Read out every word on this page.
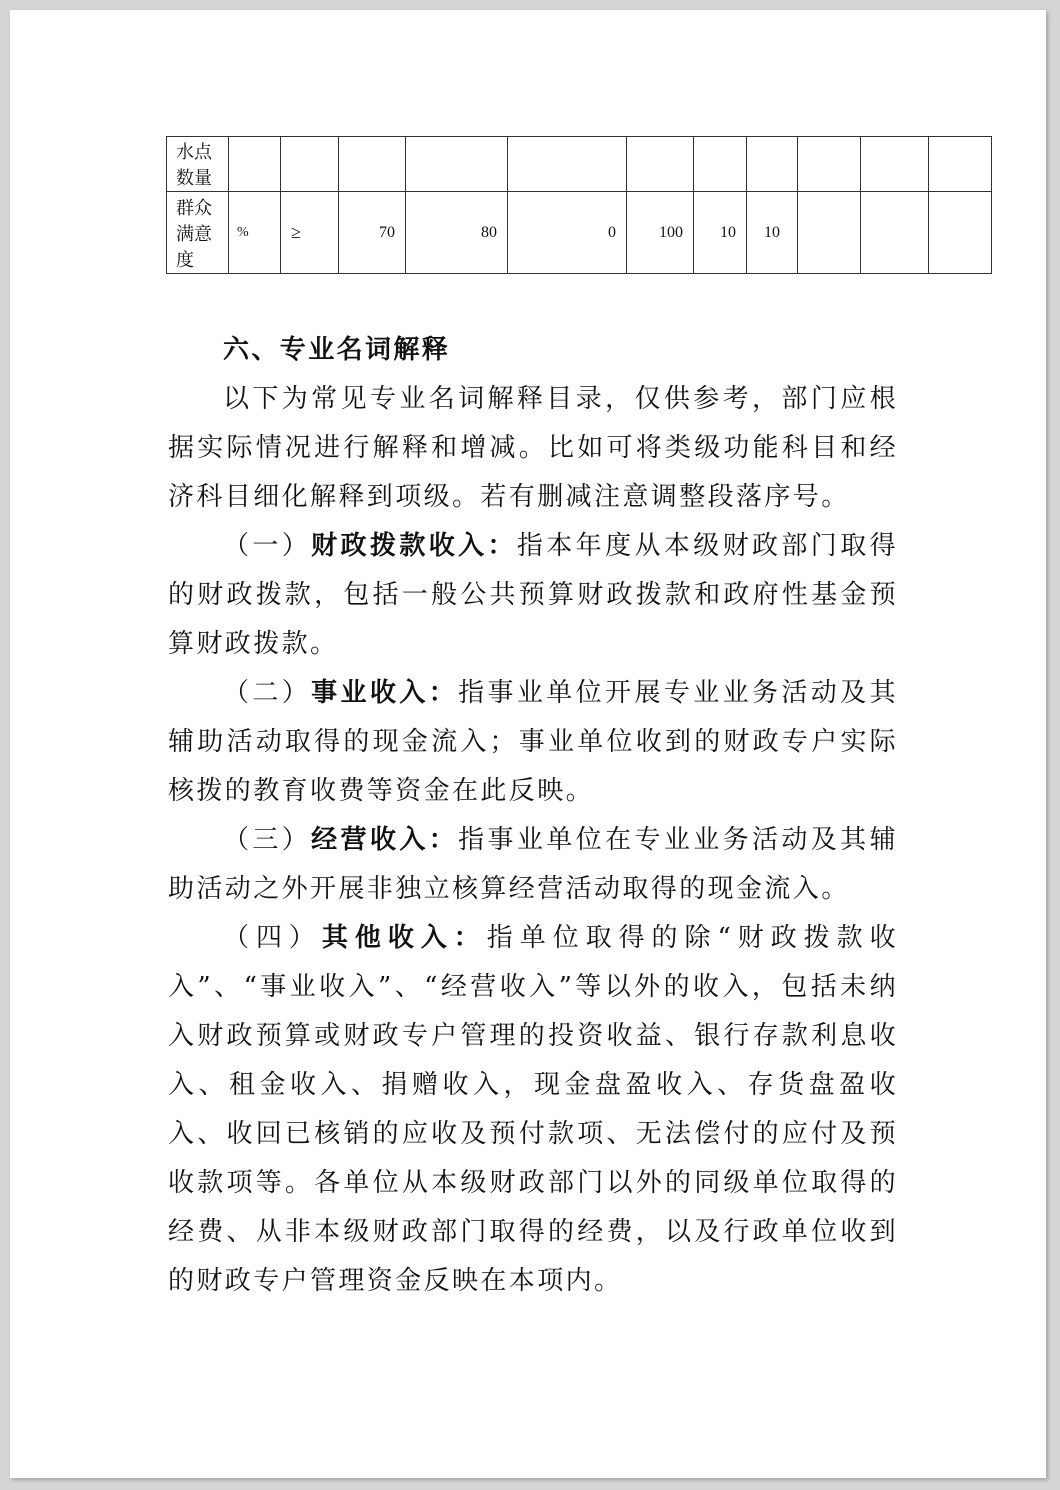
水点数量											
群众满意度	%	≥	70	80	0	100	10	10			
六、专业名词解释

以下为常见专业名词解释目录，仅供参考，部门应根据实际情况进行解释和增减。比如可将类级功能科目和经济科目细化解释到项级。若有删减注意调整段落序号。

（一）财政拨款收入：指本年度从本级财政部门取得的财政拨款，包括一般公共预算财政拨款和政府性基金预算财政拨款。

（二）事业收入：指事业单位开展专业业务活动及其辅助活动取得的现金流入；事业单位收到的财政专户实际核拨的教育收费等资金在此反映。

（三）经营收入：指事业单位在专业业务活动及其辅助活动之外开展非独立核算经营活动取得的现金流入。

（四）其他收入：指单位取得的除“财政拨款收入”、“事业收入”、“经营收入”等以外的收入，包括未纳入财政预算或财政专户管理的投资收益、银行存款利息收入、租金收入、捐赠收入，现金盘盈收入、存货盘盈收入、收回已核销的应收及预付款项、无法偿付的应付及预收款项等。各单位从本级财政部门以外的同级单位取得的经费、从非本级财政部门取得的经费，以及行政单位收到的财政专户管理资金反映在本项内。
